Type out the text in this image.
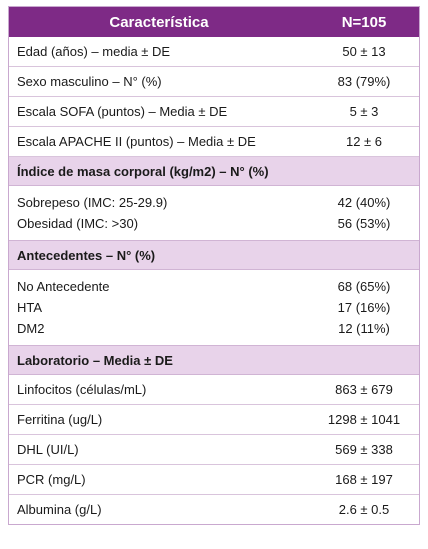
Característica	N=105
Edad (años) – media ± DE	50 ± 13
Sexo masculino – N° (%)	83 (79%)
Escala SOFA (puntos) – Media ± DE	5 ± 3
Escala APACHE II (puntos) – Media ± DE	12 ± 6
Índice de masa corporal (kg/m2) – N° (%)
Sobrepeso (IMC: 25-29.9)	42 (40%)
Obesidad (IMC: >30)	56 (53%)
Antecedentes – N° (%)
No Antecedente	68 (65%)
HTA	17 (16%)
DM2	12 (11%)
Laboratorio – Media ± DE
Linfocitos (células/mL)	863 ± 679
Ferritina (ug/L)	1298 ± 1041
DHL (UI/L)	569 ± 338
PCR (mg/L)	168 ± 197
Albumina (g/L)	2.6 ± 0.5
